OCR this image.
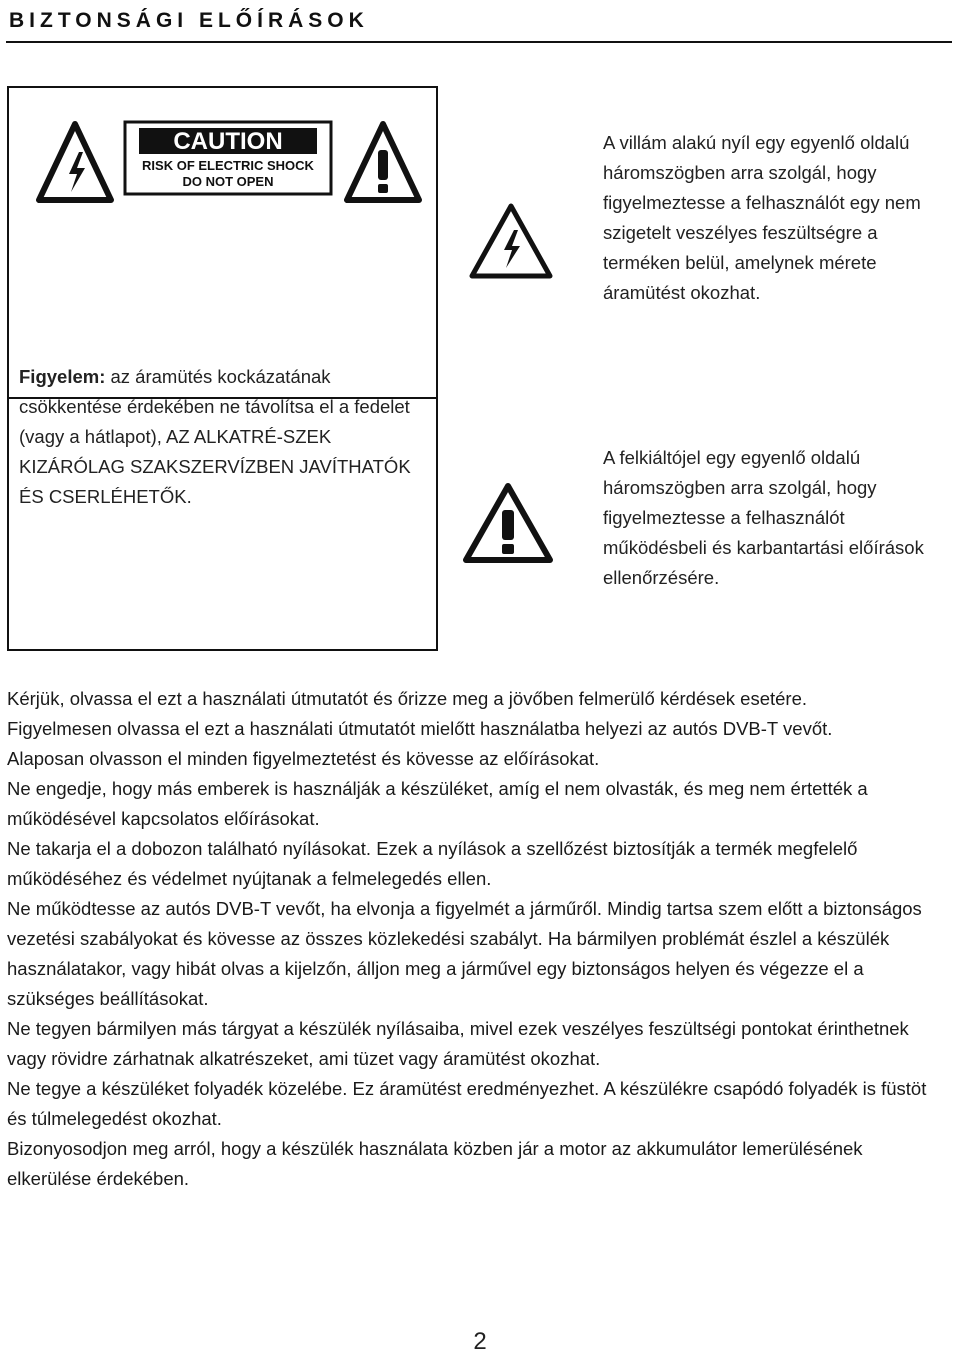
BIZTONSÁGI ELŐÍRÁSOK
CAUTION
RISK OF ELECTRIC SHOCK
DO NOT OPEN
Figyelem: az áramütés kockázatának csökkentése érdekében ne távolítsa el a fedelet (vagy a hátlapot), AZ ALKATRÉ-SZEK KIZÁRÓLAG SZAKSZERVÍZBEN JAVÍTHATÓK ÉS CSERLÉHETŐK.
A villám alakú nyíl egy egyenlő oldalú háromszögben arra szolgál, hogy figyelmeztesse a felhasználót egy nem szigetelt veszélyes feszültségre a terméken belül, amelynek mérete áramütést okozhat.
A felkiáltójel egy egyenlő oldalú háromszögben arra szolgál, hogy figyelmeztesse a felhasználót működésbeli és karbantartási előírások ellenőrzésére.

Kérjük, olvassa el ezt a használati útmutatót és őrizze meg a jövőben felmerülő kérdések esetére.

Figyelmesen olvassa el ezt a használati útmutatót mielőtt használatba helyezi az autós DVB-T vevőt.

Alaposan olvasson el minden figyelmeztetést és kövesse az előírásokat.

Ne engedje, hogy más emberek is használják a készüléket, amíg el nem olvasták, és meg nem értették a működésével kapcsolatos előírásokat.

Ne takarja el a dobozon található nyílásokat. Ezek a nyílások a szellőzést biztosítják a termék megfelelő működéséhez és védelmet nyújtanak a felmelegedés ellen.

Ne működtesse az autós DVB-T vevőt, ha elvonja a figyelmét a járműről. Mindig tartsa szem előtt a biztonságos vezetési szabályokat és kövesse az összes közlekedési szabályt. Ha bármilyen problémát észlel a készülék használatakor, vagy hibát olvas a kijelzőn, álljon meg a járművel egy biztonságos helyen és végezze el a szükséges beállításokat.

Ne tegyen bármilyen más tárgyat a készülék nyílásaiba, mivel ezek veszélyes feszültségi pontokat érinthetnek vagy rövidre zárhatnak alkatrészeket, ami tüzet vagy áramütést okozhat.

Ne tegye a készüléket folyadék közelébe. Ez áramütést eredményezhet. A készülékre csapódó folyadék is füstöt és túlmelegedést okozhat.

Bizonyosodjon meg arról, hogy a készülék használata közben jár a motor az akkumulátor lemerülésének elkerülése érdekében.

2
